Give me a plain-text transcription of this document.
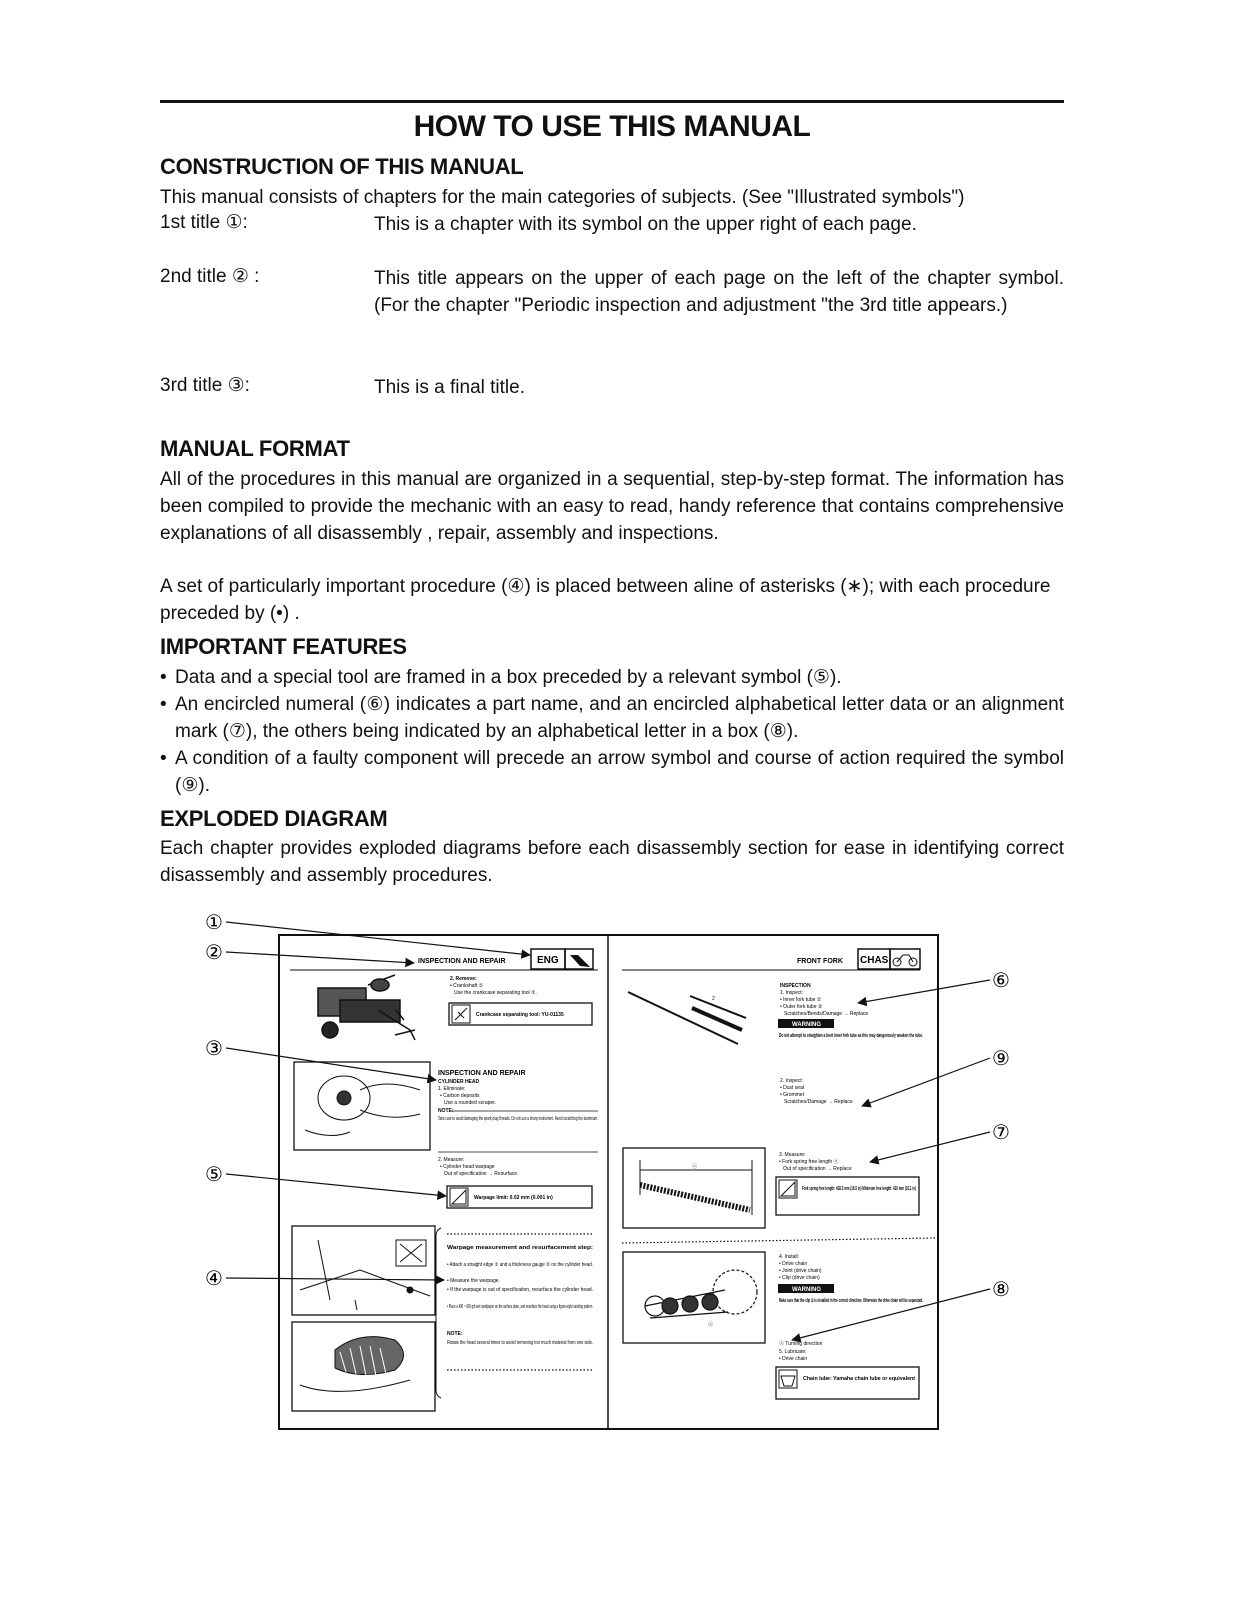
HOW TO USE THIS MANUAL
CONSTRUCTION OF THIS MANUAL
This manual consists of chapters for the main categories of subjects. (See "Illustrated symbols")
1st title ①:	This is a chapter with its symbol on the upper right of each page.
2nd title ② :	This title appears on the upper of each page on the left of the chapter symbol. (For the chapter "Periodic inspection and adjustment "the 3rd title appears.)
3rd title ③:	This is a final title.
MANUAL FORMAT
All of the procedures in this manual are organized in a sequential, step-by-step format. The information has been compiled to provide the mechanic with an easy to read, handy reference that contains comprehensive explanations of all disassembly , repair, assembly and inspections.
A set of particularly important procedure (④) is placed between aline of asterisks (∗); with each procedure preceded by (•) .
IMPORTANT FEATURES
• Data and a special tool are framed in a box preceded by a relevant symbol (⑤).
• An encircled numeral (⑥) indicates a part name, and an encircled alphabetical letter data or an alignment mark (⑦), the others being indicated by an alphabetical letter in a box (⑧).
• A condition of a faulty component will precede an arrow symbol and course of action required the symbol (⑨).
EXPLODED DIAGRAM
Each chapter provides exploded diagrams before each disassembly section for ease in identifying correct disassembly and assembly procedures.
INSPECTION AND REPAIR	ENG
2. Remove:
• Crankshaft ①
Use the crankcase separating tool ①.
Crankcase separating tool: YU-01135
INSPECTION AND REPAIR
CYLINDER HEAD
1. Eliminate:
• Carbon deposits
Use a rounded scraper.
NOTE:
Take care to avoid damaging the spark plug threads. Do not use a sharp instrument. Avoid scratching the aluminum.
2. Measure:
• Cylinder head warpage
Out of specification → Resurface.
Warpage limit: 0.02 mm (0.001 in)
Warpage measurement and resurfacement step:
• Attach a straight edge ① and a thickness gauge ② on the cylinder head.
• Measure the warpage.
• If the warpage is out of specification, resurface the cylinder head.
• Place a 400 ~ 600 grit wet sandpaper on the surface plate, and resurface the head using a figure-eight sanding pattern.
NOTE:
Rotate the head several times to avoid removing too much material from one side.
FRONT FORK CHAS
2
INSPECTION
1. Inspect:
• Inner fork tube ①
• Outer fork tube ②
Scratches/Bends/Damage → Replace
WARNING
Do not attempt to straighten a bent inner fork tube as this may dangerously weaken the tube.
2. Inspect:
• Dust seal
• Grommet
Scratches/Damage → Replace
ⓐ
3. Measure:
• Fork spring free length ⓐ
Out of specification → Replace
Fork spring free length: 418.5 mm (16.5 in) Minimum free length: 410 mm (16.1 in)
Ⓐ
4. Install:
• Drive chain
• Joint (drive chain)
• Clip (drive chain)
WARNING
Make sure that the clip ① is installed in the correct direction. Otherwise the drive chain will be separated.
Ⓐ Turning direction
5. Lubricate:
• Drive chain
Chain lube: Yamaha chain lube or equivalent
①
②
③
⑤
④
⑥
⑨
⑦
⑧
